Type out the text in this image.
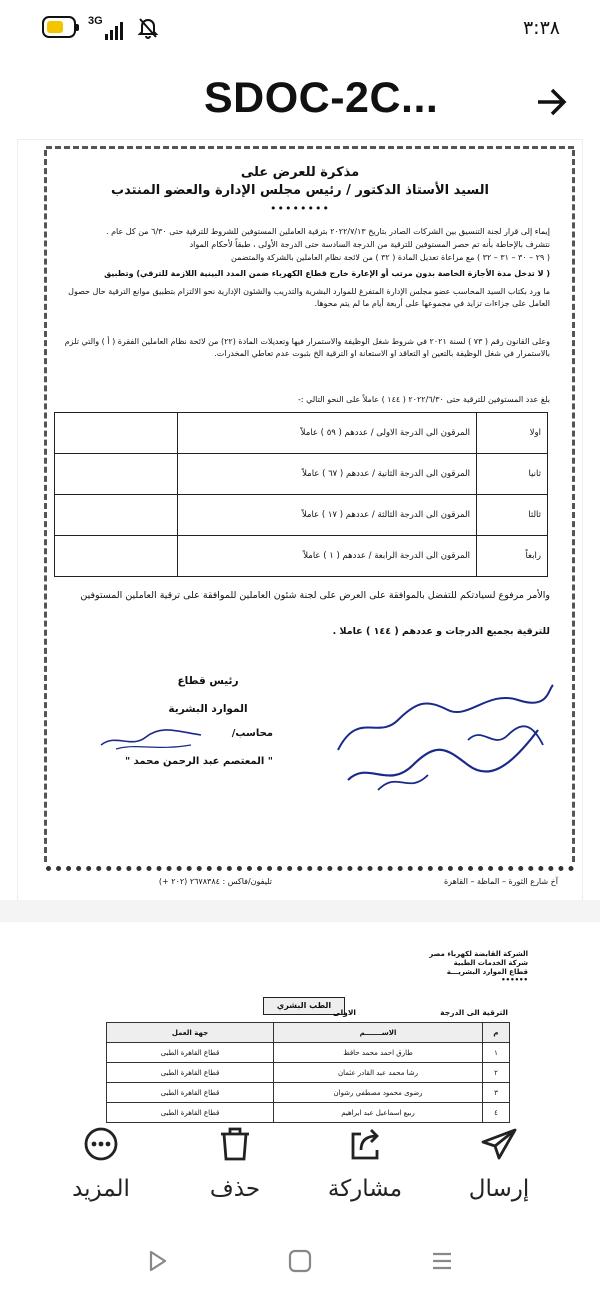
3G	٣:٣٨
SDOC-2C...
مذكرة للعرض على
السيد الأستاذ الدكتور / رئيس مجلس الإدارة والعضو المنتدب
••••••••
إيماء إلى قرار لجنة التنسيق بين الشركات الصادر بتاريخ ٢٠٢٢/٧/١٣ بترقية العاملين المستوفين للشروط للترقية حتى ٦/٣٠ من كل عام .
نتشرف بالإحاطة بأنه تم حصر المستوفين للترقية من الدرجة السادسة حتى الدرجة الأولى ، طبقاً لأحكام المواد
( ٢٩ – ٣٠ – ٣١ – ٣٢ ) مع مراعاة تعديل المادة ( ٣٢ ) من لائحة نظام العاملين بالشركة والمتضمن
( لا تدخل مدة الأجازة الخاصة بدون مرتب أو الإعارة خارج قطاع الكهرباء ضمن المدد البينية اللازمة للترقي) وتطبيق
ما ورد بكتاب السيد المحاسب عضو مجلس الإدارة المتفرغ للموارد البشرية والتدريب والشئون الإدارية نحو الالتزام بتطبيق موانع الترقية حال حصول العامل على جزاءات تزايد في مجموعها على أربعة أيام ما لم يتم محوها.
وعلى القانون رقم ( ٧٣ ) لسنة ٢٠٢١ في شروط شغل الوظيفة والاستمرار فيها وتعديلات المادة (٢٢) من لائحة نظام العاملين الفقرة ( أ ) والتي تلزم بالاستمرار في شغل الوظيفة بالتعين او التعاقد او الاستعانة او الترقية الخ بثبوت عدم تعاطي المخدرات.
بلغ عدد المستوفين للترقية حتى ٢٠٢٢/٦/٣٠ ( ١٤٤ ) عاملاً على النحو التالي :-
اولا	المرقون الى الدرجة الاولى / عددهم ( ٥٩ ) عاملاً	
ثانيا	المرقون الى الدرجة الثانية / عددهم ( ٦٧ ) عاملاً	
ثالثا	المرقون الى الدرجة الثالثة / عددهم ( ١٧ ) عاملاً	
رابعاً	المرقون الى الدرجة الرابعة / عددهم ( ١ ) عاملاً	
والأمر مرفوع لسيادتكم للتفضل بالموافقة على العرض على لجنة شئون العاملين للموافقة على ترقية العاملين المستوفين
للترقية بجميع الدرجات و عددهم ( ١٤٤ ) عاملا .
رئيس قطاع
الموارد البشرية
محاسب/
" المعتصم عبد الرحمن محمد "
آخ شارع الثورة – الماظة – القاهرة
تليفون/فاكس : ٢٦٧٨٣٨٤ (٢٠٢ +)
الشركة القابضة لكهرباء مصر
شركة الخدمات الطبية
قطاع الموارد البشريـــة
••••••
الطب البشري
الترقية الى الدرجة
الاولى
م	الاســـــــم	جهة العمل
١	طارق احمد محمد حافظ	قطاع القاهرة الطبى
٢	رشا محمد عبد القادر عثمان	قطاع القاهرة الطبى
٣	رضوى محمود مصطفي رشوان	قطاع القاهرة الطبى
٤	ربيع اسماعيل عبد ابراهيم	قطاع القاهرة الطبى
إرسال
مشاركة
حذف
المزيد
